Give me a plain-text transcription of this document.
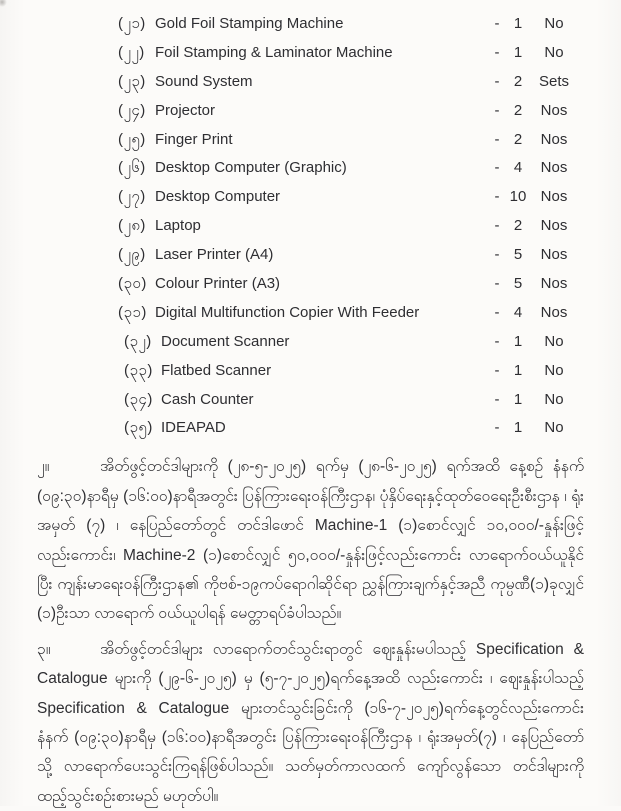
(၂၁) Gold Foil Stamping Machine	- 1	No
(၂၂) Foil Stamping & Laminator Machine	- 1	No
(၂၃) Sound System	- 2	Sets
(၂၄) Projector	- 2	Nos
(၂၅) Finger Print	- 2	Nos
(၂၆) Desktop Computer (Graphic)	- 4	Nos
(၂၇) Desktop Computer	- 10 Nos
(၂၈) Laptop	- 2	Nos
(၂၉) Laser Printer (A4)	- 5	Nos
(၃၀) Colour Printer (A3)	- 5	Nos
(၃၁) Digital Multifunction Copier With Feeder	- 4	Nos
(၃၂) Document Scanner	- 1	No
(၃၃) Flatbed Scanner	- 1	No
(၃၄) Cash Counter	- 1	No
(၃၅) IDEAPAD	- 1	No
၂။	အိတ်ဖွင့်တင်ဒါများကို (၂၈-၅-၂၀၂၅) ရက်မှ (၂၈-၆-၂၀၂၅) ရက်အထိ နေ့စဉ် နံနက် (၀၉:၃၀)နာရီမှ (၁၆:၀၀)နာရီအတွင်း ပြန်ကြားရေးဝန်ကြီးဌာန၊ ပုံနှိပ်ရေးနှင့်ထုတ်ဝေရေးဦးစီးဌာန ၊ ရုံးအမှတ် (၇) ၊ နေပြည်တော်တွင် တင်ဒါဖောင် Machine-1 (၁)စောင်လျှင် ၁၀,၀၀၀/-နှုန်းဖြင့် လည်းကောင်း၊ Machine-2 (၁)စောင်လျှင် ၅၀,၀၀၀/-နှုန်းဖြင့်လည်းကောင်း လာရောက်ဝယ်ယူနိုင်ပြီး ကျန်းမာရေးဝန်ကြီးဌာန၏ ကိုဗစ်-၁၉ကပ်ရောဂါဆိုင်ရာ ညွှန်ကြားချက်နှင့်အညီ ကုမ္ပဏီ(၁)ခုလျှင် (၁)ဦးသာ လာရောက် ဝယ်ယူပါရန် မေတ္တာရပ်ခံပါသည်။
၃။	အိတ်ဖွင့်တင်ဒါများ လာရောက်တင်သွင်းရာတွင် ဈေးနှုန်းမပါသည့် Specification & Catalogue များကို (၂၉-၆-၂၀၂၅) မှ (၅-၇-၂၀၂၅)ရက်နေ့အထိ လည်းကောင်း ၊ ဈေးနှုန်းပါသည့် Specification & Catalogue များတင်သွင်းခြင်းကို (၁၆-၇-၂၀၂၅)ရက်နေ့တွင်လည်းကောင်း နံနက် (၀၉:၃၀)နာရီမှ (၁၆:၀၀)နာရီအတွင်း ပြန်ကြားရေးဝန်ကြီးဌာန ၊ ရုံးအမှတ်(၇) ၊ နေပြည်တော်သို့ လာရောက်ပေးသွင်းကြရန်ဖြစ်ပါသည်။ သတ်မှတ်ကာလထက် ကျော်လွန်သော တင်ဒါများကို ထည့်သွင်းစဉ်းစားမည် မဟုတ်ပါ။
